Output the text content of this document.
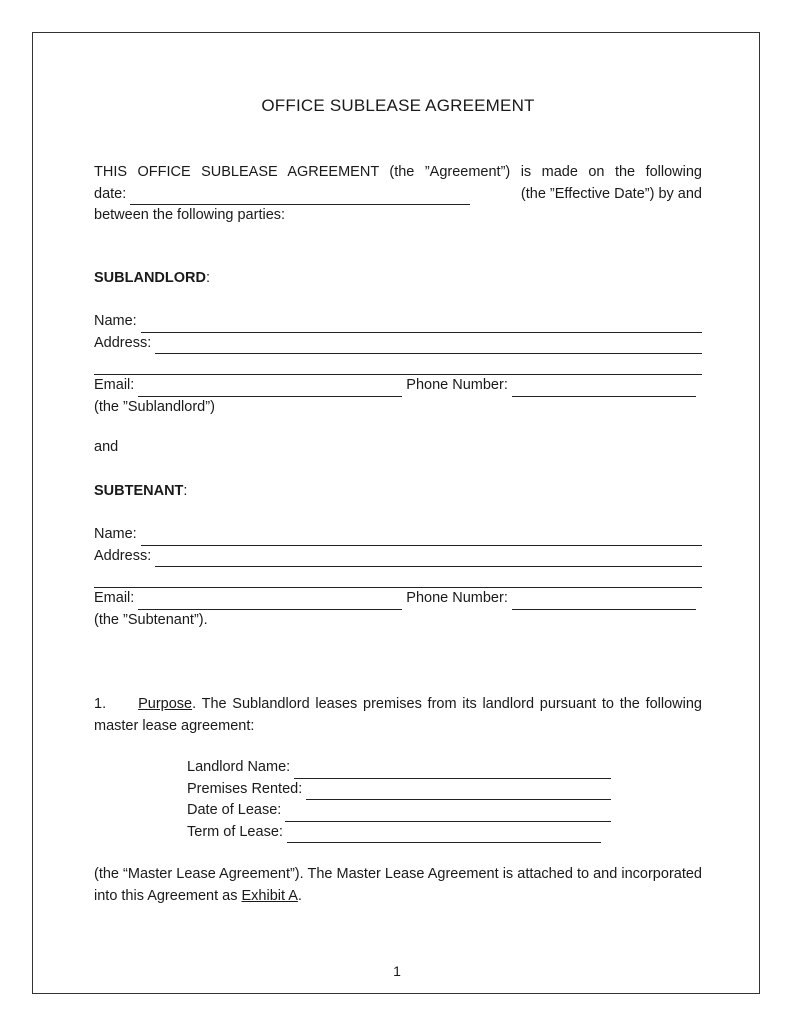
OFFICE SUBLEASE AGREEMENT
THIS OFFICE SUBLEASE AGREEMENT (the ”Agreement”) is made on the following
date:	(the ”Effective Date”) by and
between the following parties:
SUBLANDLORD:
Name:
Address:
Email:	Phone Number:
(the ”Sublandlord”)
and
SUBTENANT:
Name:
Address:
Email:	Phone Number:
(the ”Subtenant”).
1. Purpose. The Sublandlord leases premises from its landlord pursuant to the following master lease agreement:
Landlord Name:
Premises Rented:
Date of Lease:
Term of Lease:
(the “Master Lease Agreement”). The Master Lease Agreement is attached to and incorporated into this Agreement as Exhibit A.
1
